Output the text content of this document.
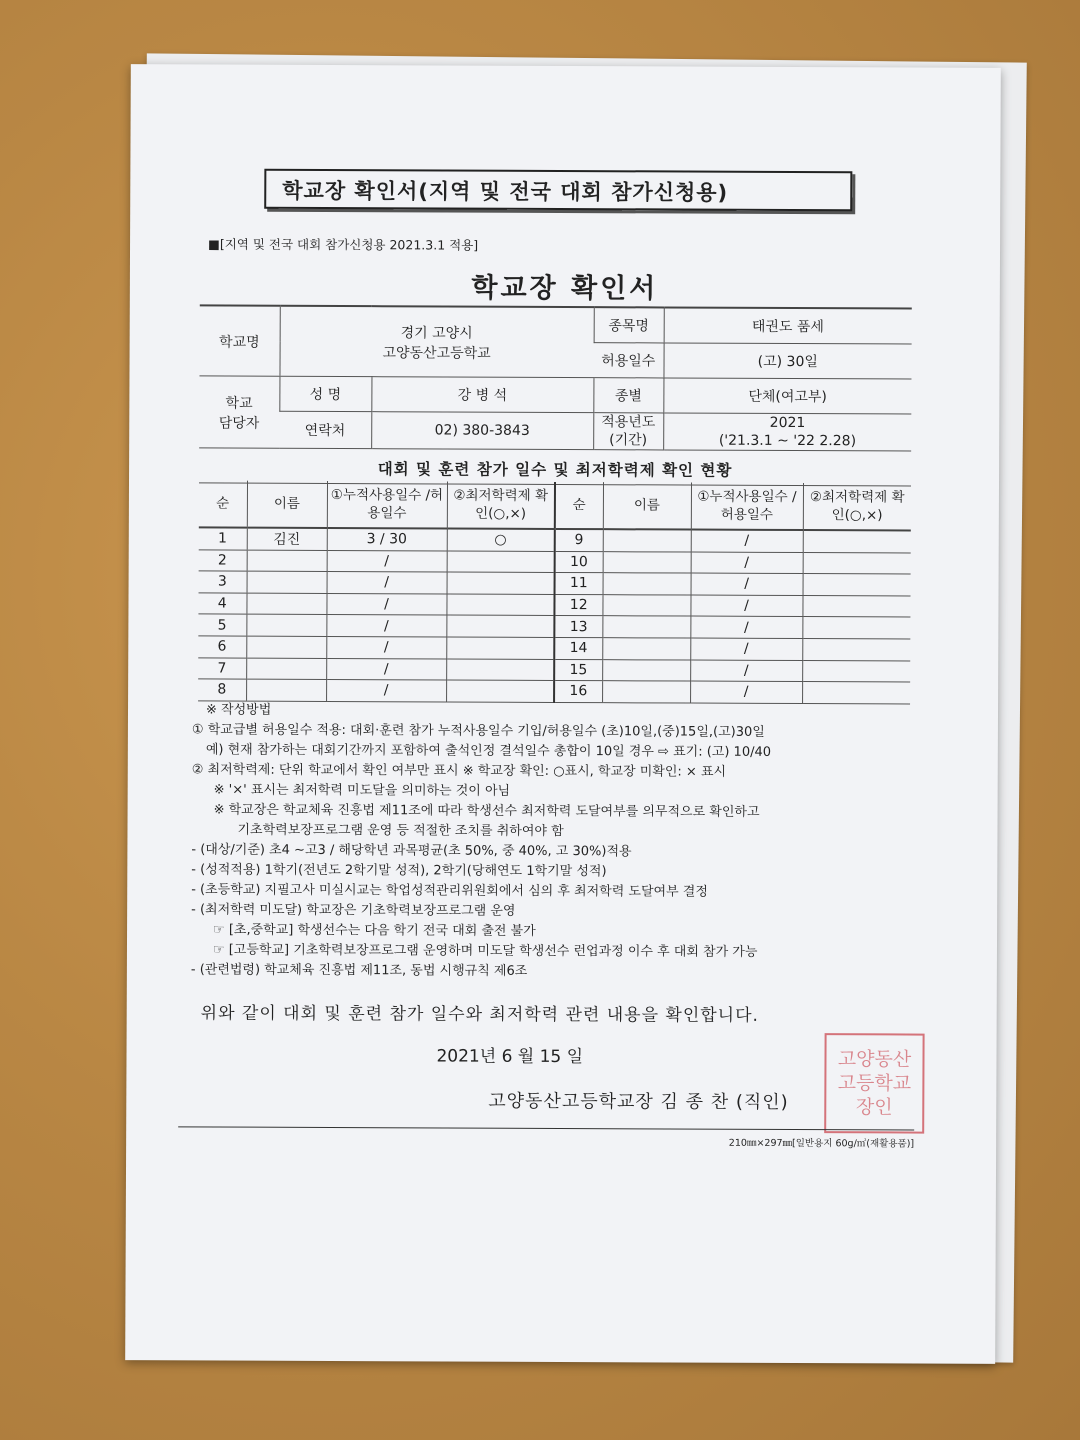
학교장 확인서(지역 및 전국 대회 참가신청용)
■[지역 및 전국 대회 참가신청용 2021.3.1 적용]
학교장 확인서
학교명	경기 고양시
고양동산고등학교		종목명	태권도 품세
			허용일수	(고) 30일
학교 담당자	성 명	강 병 석	종별	단체(여고부)
	연락처	02) 380-3843	적용년도 (기간)	2021
('21.3.1 ~ '22 2.28)
대회 및 훈련 참가 일수 및 최저학력제 확인 현황
순	이름	①누적사용일수 /허용일수	②최저학력제 확인(○,×)	순	이름	①누적사용일수 /허용일수	②최저학력제 확인(○,×)
1	김진	3 / 30	○	9		/	
2		/		10		/	
3		/		11		/	
4		/		12		/	
5		/		13		/	
6		/		14		/	
7		/		15		/	
8		/		16		/	
※ 작성방법
① 학교급별 허용일수 적용: 대회·훈련 참가 누적사용일수 기입/허용일수 (초)10일,(중)15일,(고)30일
예) 현재 참가하는 대회기간까지 포함하여 출석인정 결석일수 총합이 10일 경우 ⇨ 표기: (고) 10/40
② 최저학력제: 단위 학교에서 확인 여부만 표시 ※ 학교장 확인: ○표시, 학교장 미확인: × 표시
※ '×' 표시는 최저학력 미도달을 의미하는 것이 아님
※ 학교장은 학교체육 진흥법 제11조에 따라 학생선수 최저학력 도달여부를 의무적으로 확인하고
기초학력보장프로그램 운영 등 적절한 조치를 취하여야 함
- (대상/기준) 초4 ~고3 / 해당학년 과목평균(초 50%, 중 40%, 고 30%)적용
- (성적적용) 1학기(전년도 2학기말 성적), 2학기(당해연도 1학기말 성적)
- (초등학교) 지필고사 미실시교는 학업성적관리위원회에서 심의 후 최저학력 도달여부 결정
- (최저학력 미도달) 학교장은 기초학력보장프로그램 운영
☞ [초,중학교] 학생선수는 다음 학기 전국 대회 출전 불가
☞ [고등학교] 기초학력보장프로그램 운영하며 미도달 학생선수 런업과정 이수 후 대회 참가 가능
- (관련법령) 학교체육 진흥법 제11조, 동법 시행규칙 제6조
위와 같이 대회 및 훈련 참가 일수와 최저학력 관련 내용을 확인합니다.
2021년 6 월 15 일	고양동산고등학교장인
고양동산고등학교장 김 종 찬 (직인)
210㎜×297㎜[일반용지 60g/㎡(재활용품)]
